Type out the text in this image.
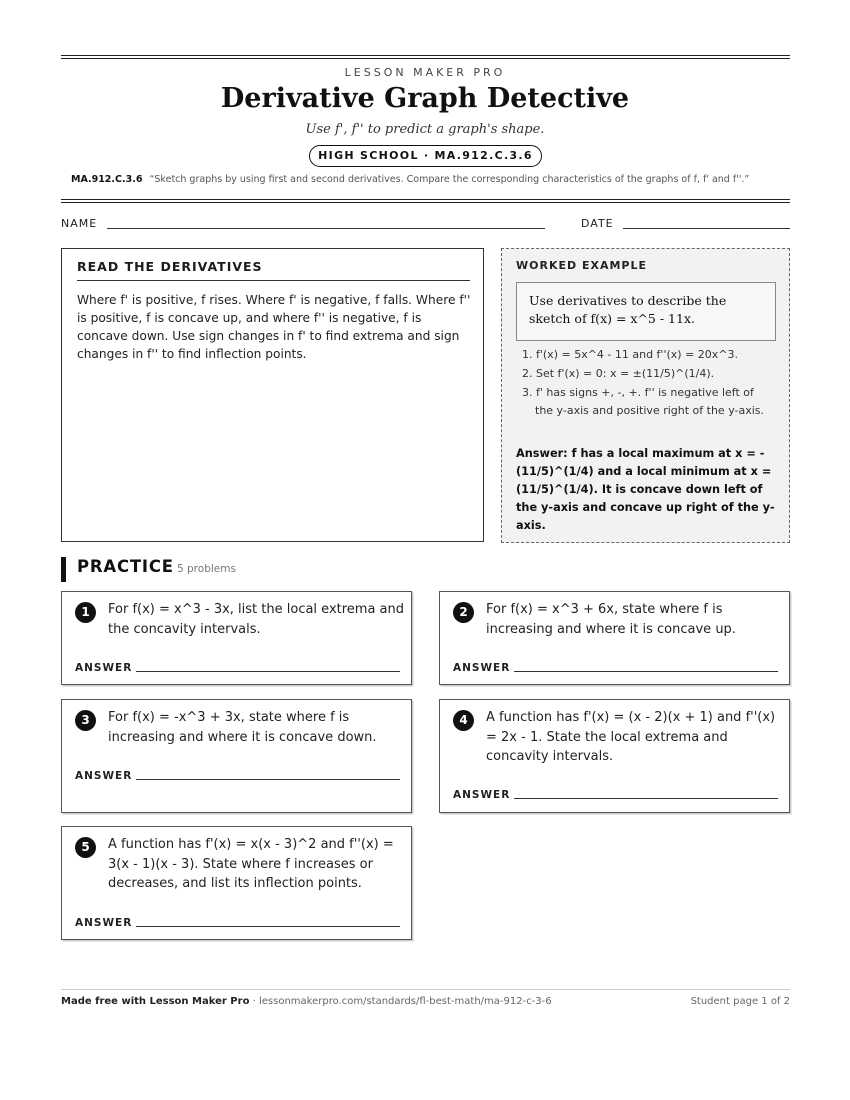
LESSON MAKER PRO
Derivative Graph Detective
Use f', f'' to predict a graph's shape.
HIGH SCHOOL · MA.912.C.3.6
MA.912.C.3.6 “Sketch graphs by using first and second derivatives. Compare the corresponding characteristics of the graphs of f, f' and f''.”
NAME	DATE
READ THE DERIVATIVES
Where f' is positive, f rises. Where f' is negative, f falls. Where f'' is positive, f is concave up, and where f'' is negative, f is concave down. Use sign changes in f' to find extrema and sign changes in f'' to find inflection points.
WORKED EXAMPLE
Use derivatives to describe the sketch of f(x) = x^5 - 11x.
1. f'(x) = 5x^4 - 11 and f''(x) = 20x^3.
2. Set f'(x) = 0: x = ±(11/5)^(1/4).
3. f' has signs +, -, +. f'' is negative left of the y-axis and positive right of the y-axis.
Answer: f has a local maximum at x = -(11/5)^(1/4) and a local minimum at x = (11/5)^(1/4). It is concave down left of the y-axis and concave up right of the y-axis.
PRACTICE 5 problems
1	For f(x) = x^3 - 3x, list the local extrema and the concavity intervals.
ANSWER
2	For f(x) = x^3 + 6x, state where f is increasing and where it is concave up.
ANSWER
3	For f(x) = -x^3 + 3x, state where f is increasing and where it is concave down.
ANSWER
4	A function has f'(x) = (x - 2)(x + 1) and f''(x) = 2x - 1. State the local extrema and concavity intervals.
ANSWER
5	A function has f'(x) = x(x - 3)^2 and f''(x) = 3(x - 1)(x - 3). State where f increases or decreases, and list its inflection points.
ANSWER
Made free with Lesson Maker Pro · lessonmakerpro.com/standards/fl-best-math/ma-912-c-3-6	Student page 1 of 2
